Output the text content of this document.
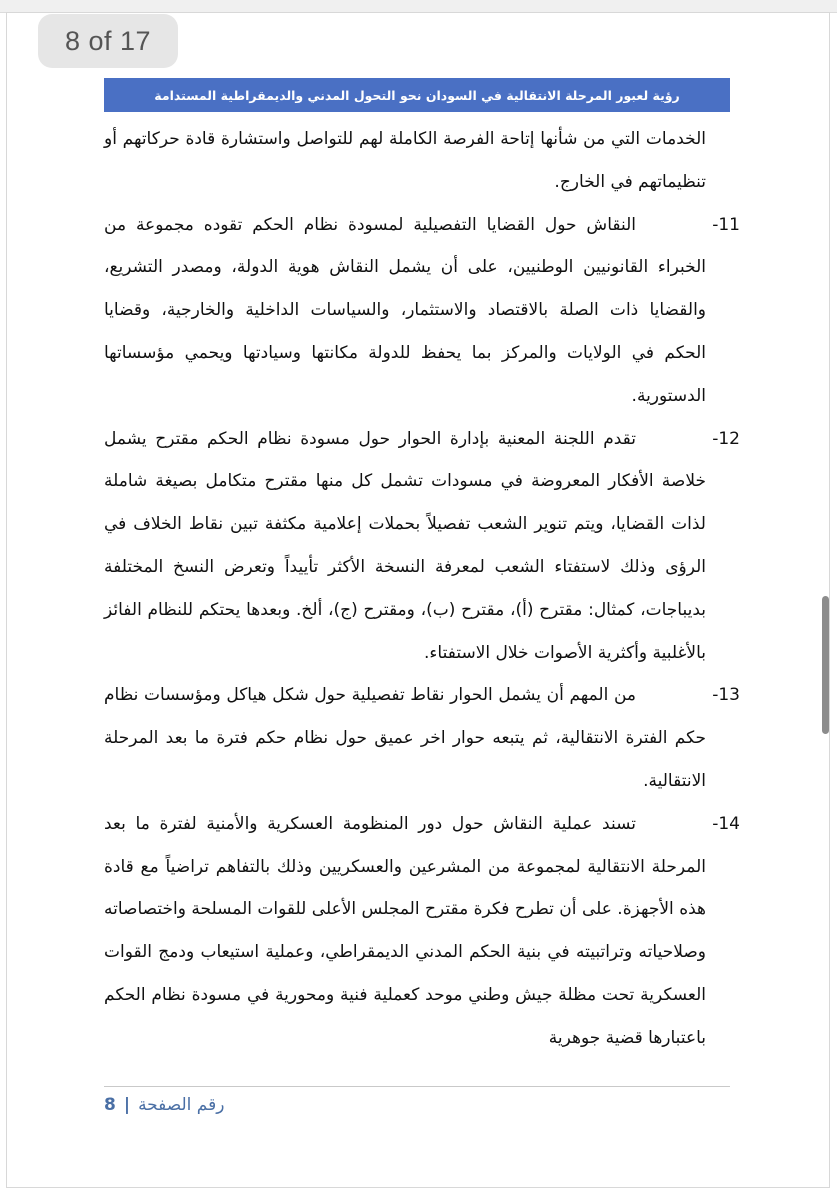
8 of 17
رؤية لعبور المرحلة الانتقالية في السودان نحو التحول المدني والديمقراطية المستدامة

الخدمات التي من شأنها إتاحة الفرصة الكاملة لهم للتواصل واستشارة قادة حركاتهم أو تنظيماتهم في الخارج.

-11
النقاش حول القضايا التفصيلية لمسودة نظام الحكم تقوده مجموعة من الخبراء القانونيين الوطنيين، على أن يشمل النقاش هوية الدولة، ومصدر التشريع، والقضايا ذات الصلة بالاقتصاد والاستثمار، والسياسات الداخلية والخارجية، وقضايا الحكم في الولايات والمركز بما يحفظ للدولة مكانتها وسيادتها ويحمي مؤسساتها الدستورية.
-12
تقدم اللجنة المعنية بإدارة الحوار حول مسودة نظام الحكم مقترح يشمل خلاصة الأفكار المعروضة في مسودات تشمل كل منها مقترح متكامل بصيغة شاملة لذات القضايا، ويتم تنوير الشعب تفصيلاً بحملات إعلامية مكثفة تبين نقاط الخلاف في الرؤى وذلك لاستفتاء الشعب لمعرفة النسخة الأكثر تأييداً وتعرض النسخ المختلفة بديباجات، كمثال: مقترح (أ)، مقترح (ب)، ومقترح (ج)، ألخ. وبعدها يحتكم للنظام الفائز بالأغلبية وأكثرية الأصوات خلال الاستفتاء.
-13
من المهم أن يشمل الحوار نقاط تفصيلية حول شكل هياكل ومؤسسات نظام حكم الفترة الانتقالية، ثم يتبعه حوار اخر عميق حول نظام حكم فترة ما بعد المرحلة الانتقالية.
-14
تسند عملية النقاش حول دور المنظومة العسكرية والأمنية لفترة ما بعد المرحلة الانتقالية لمجموعة من المشرعين والعسكريين وذلك بالتفاهم تراضياً مع قادة هذه الأجهزة. على أن تطرح فكرة مقترح المجلس الأعلى للقوات المسلحة واختصاصاته وصلاحياته وتراتبيته في بنية الحكم المدني الديمقراطي، وعملية استيعاب ودمج القوات العسكرية تحت مظلة جيش وطني موحد كعملية فنية ومحورية في مسودة نظام الحكم باعتبارها قضية جوهرية
رقم الصفحة
|
8
